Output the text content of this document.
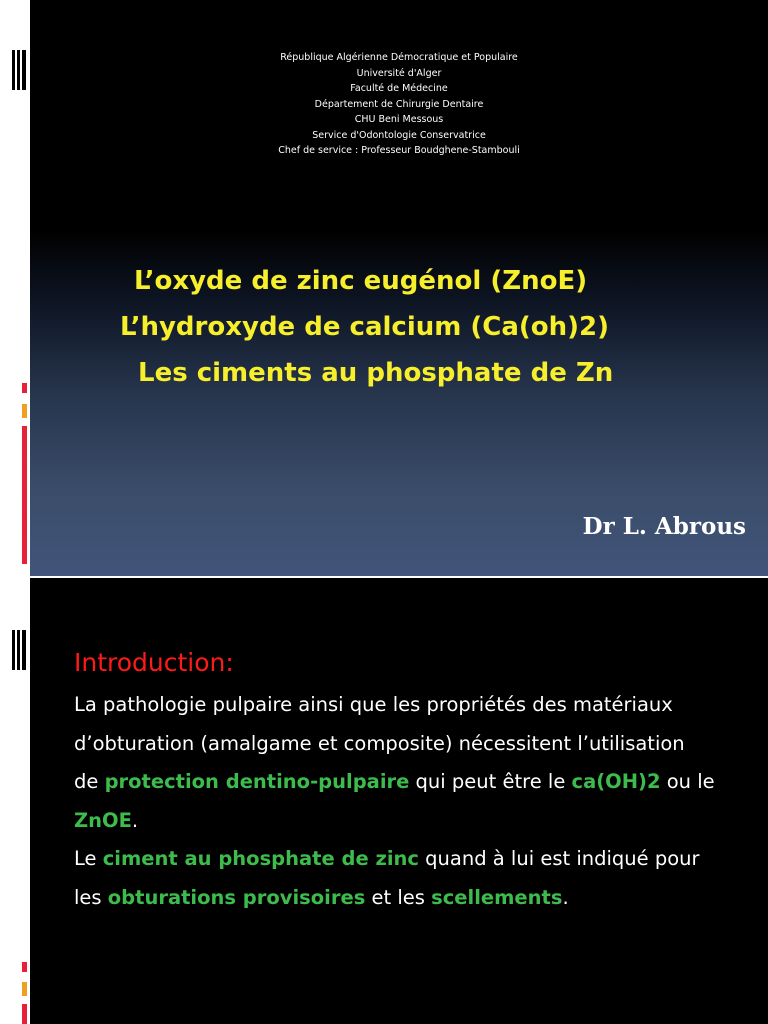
République Algérienne Démocratique et Populaire
Université d'Alger
Faculté de Médecine
Département de Chirurgie Dentaire
CHU Beni Messous
Service d'Odontologie Conservatrice
Chef de service : Professeur Boudghene-Stambouli
L’oxyde de zinc eugénol (ZnoE)
L’hydroxyde de calcium (Ca(oh)2)
Les ciments au phosphate de Zn
Dr L. Abrous
Introduction:
La pathologie pulpaire ainsi que les propriétés des matériaux
d’obturation (amalgame et composite) nécessitent l’utilisation
de protection dentino-pulpaire qui peut être le ca(OH)2 ou le
ZnOE.
Le ciment au phosphate de zinc quand à lui est indiqué pour
les obturations provisoires et les scellements.
